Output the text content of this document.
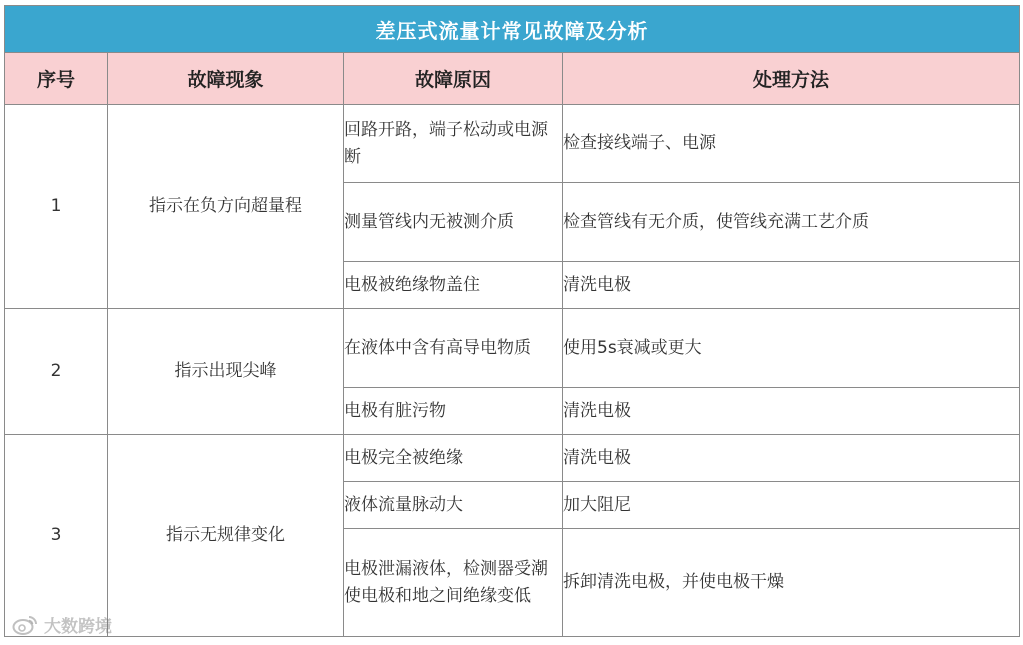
差压式流量计常见故障及分析			
序号	故障现象	故障原因	处理方法
1	指示在负方向超量程	回路开路，端子松动或电源断	检查接线端子、电源
		测量管线内无被测介质	检查管线有无介质，使管线充满工艺介质
		电极被绝缘物盖住	清洗电极
2	指示出现尖峰	在液体中含有高导电物质	使用5s衰减或更大
		电极有脏污物	清洗电极
3	指示无规律变化	电极完全被绝缘	清洗电极
		液体流量脉动大	加大阻尼
		电极泄漏液体，检测器受潮使电极和地之间绝缘变低	拆卸清洗电极，并使电极干燥
大数跨境
